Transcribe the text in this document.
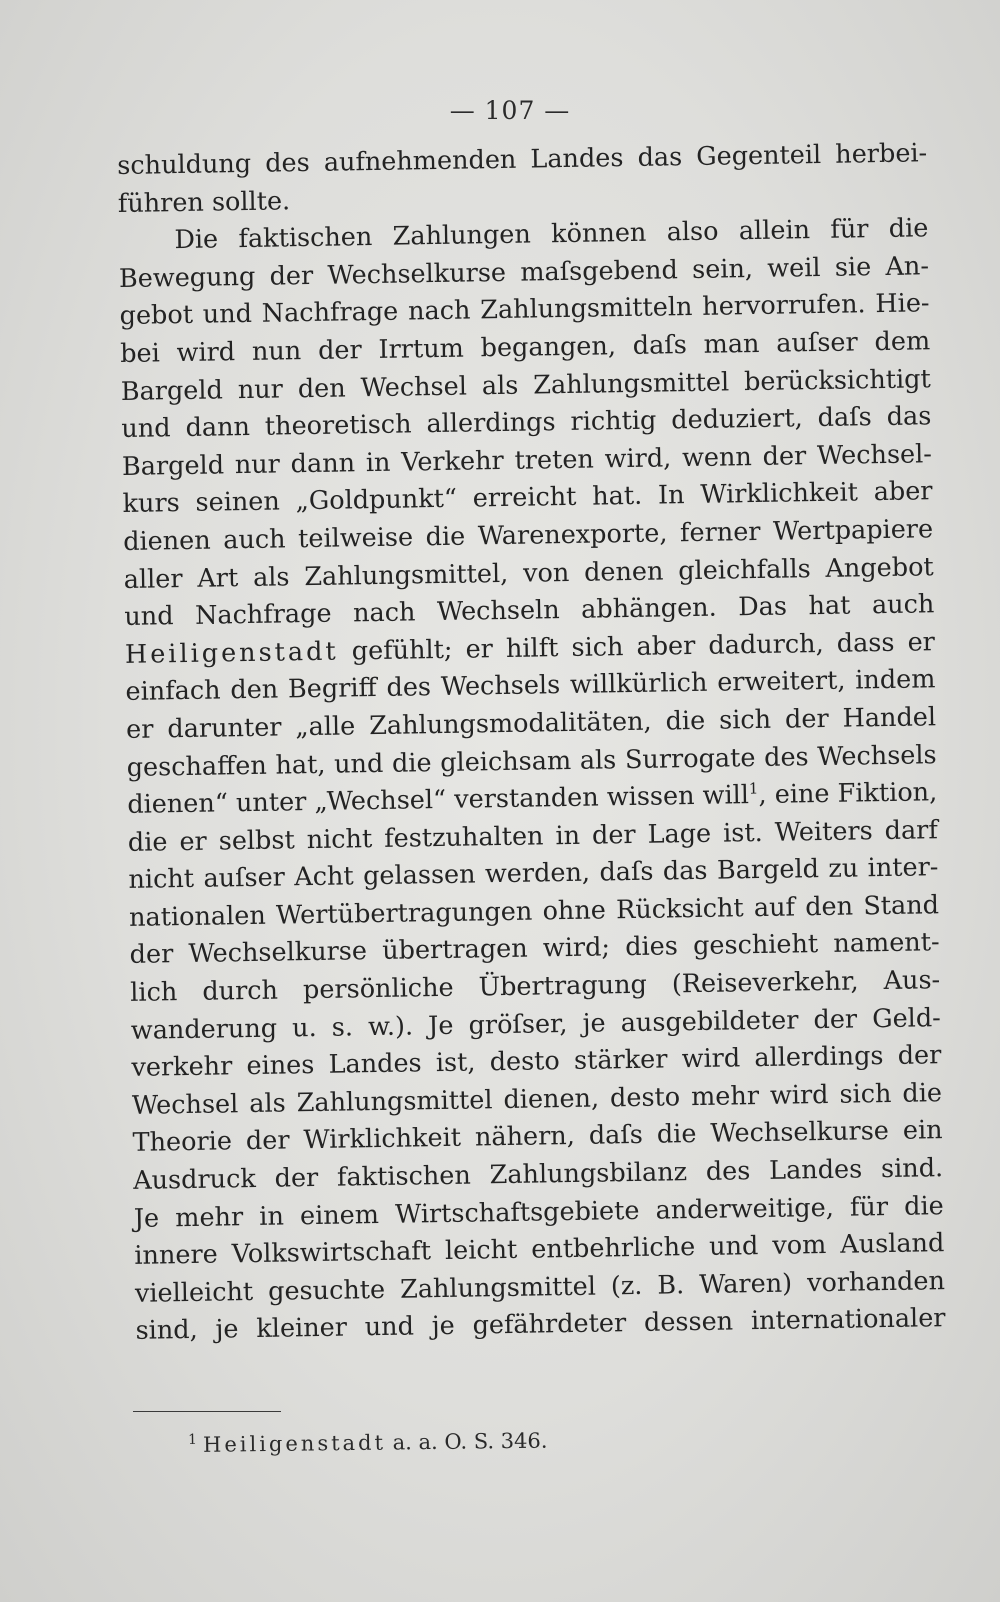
— 107 —
schuldung des aufnehmenden Landes das Gegenteil herbei-
führen sollte.
Die faktischen Zahlungen können also allein für die
Bewegung der Wechselkurse maſsgebend sein, weil sie An-
gebot und Nachfrage nach Zahlungsmitteln hervorrufen. Hie-
bei wird nun der Irrtum begangen, daſs man auſser dem
Bargeld nur den Wechsel als Zahlungsmittel berücksichtigt
und dann theoretisch allerdings richtig deduziert, daſs das
Bargeld nur dann in Verkehr treten wird, wenn der Wechsel-
kurs seinen „Goldpunkt“ erreicht hat. In Wirklichkeit aber
dienen auch teilweise die Warenexporte, ferner Wertpapiere
aller Art als Zahlungsmittel, von denen gleichfalls Angebot
und Nachfrage nach Wechseln abhängen. Das hat auch
Heiligenstadt gefühlt; er hilft sich aber dadurch, dass er
einfach den Begriff des Wechsels willkürlich erweitert, indem
er darunter „alle Zahlungsmodalitäten, die sich der Handel
geschaffen hat, und die gleichsam als Surrogate des Wechsels
dienen“ unter „Wechsel“ verstanden wissen will$^1$, eine Fiktion,
die er selbst nicht festzuhalten in der Lage ist. Weiters darf
nicht auſser Acht gelassen werden, daſs das Bargeld zu inter-
nationalen Wertübertragungen ohne Rücksicht auf den Stand
der Wechselkurse übertragen wird; dies geschieht nament-
lich durch persönliche Übertragung (Reiseverkehr, Aus-
wanderung u. s. w.). Je gröſser, je ausgebildeter der Geld-
verkehr eines Landes ist, desto stärker wird allerdings der
Wechsel als Zahlungsmittel dienen, desto mehr wird sich die
Theorie der Wirklichkeit nähern, daſs die Wechselkurse ein
Ausdruck der faktischen Zahlungsbilanz des Landes sind.
Je mehr in einem Wirtschaftsgebiete anderweitige, für die
innere Volkswirtschaft leicht entbehrliche und vom Ausland
vielleicht gesuchte Zahlungsmittel (z. B. Waren) vorhanden
sind, je kleiner und je gefährdeter dessen internationaler
$^1$ Heiligenstadt a. a. O. S. 346.
